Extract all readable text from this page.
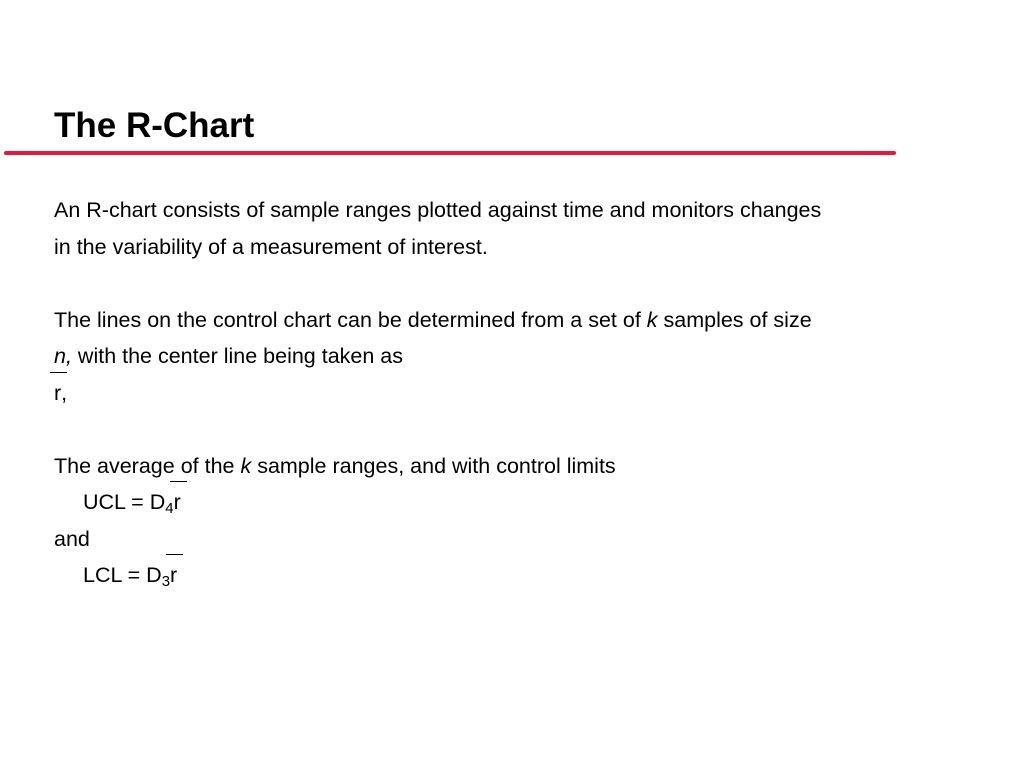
The R-Chart
An R-chart consists of sample ranges plotted against time and monitors changes
in the variability of a measurement of interest.
The lines on the control chart can be determined from a set of k samples of size
n, with the center line being taken as
r,
The average of the k sample ranges, and with control limits
UCL = $D_4r$
and
LCL = $D_3r$
